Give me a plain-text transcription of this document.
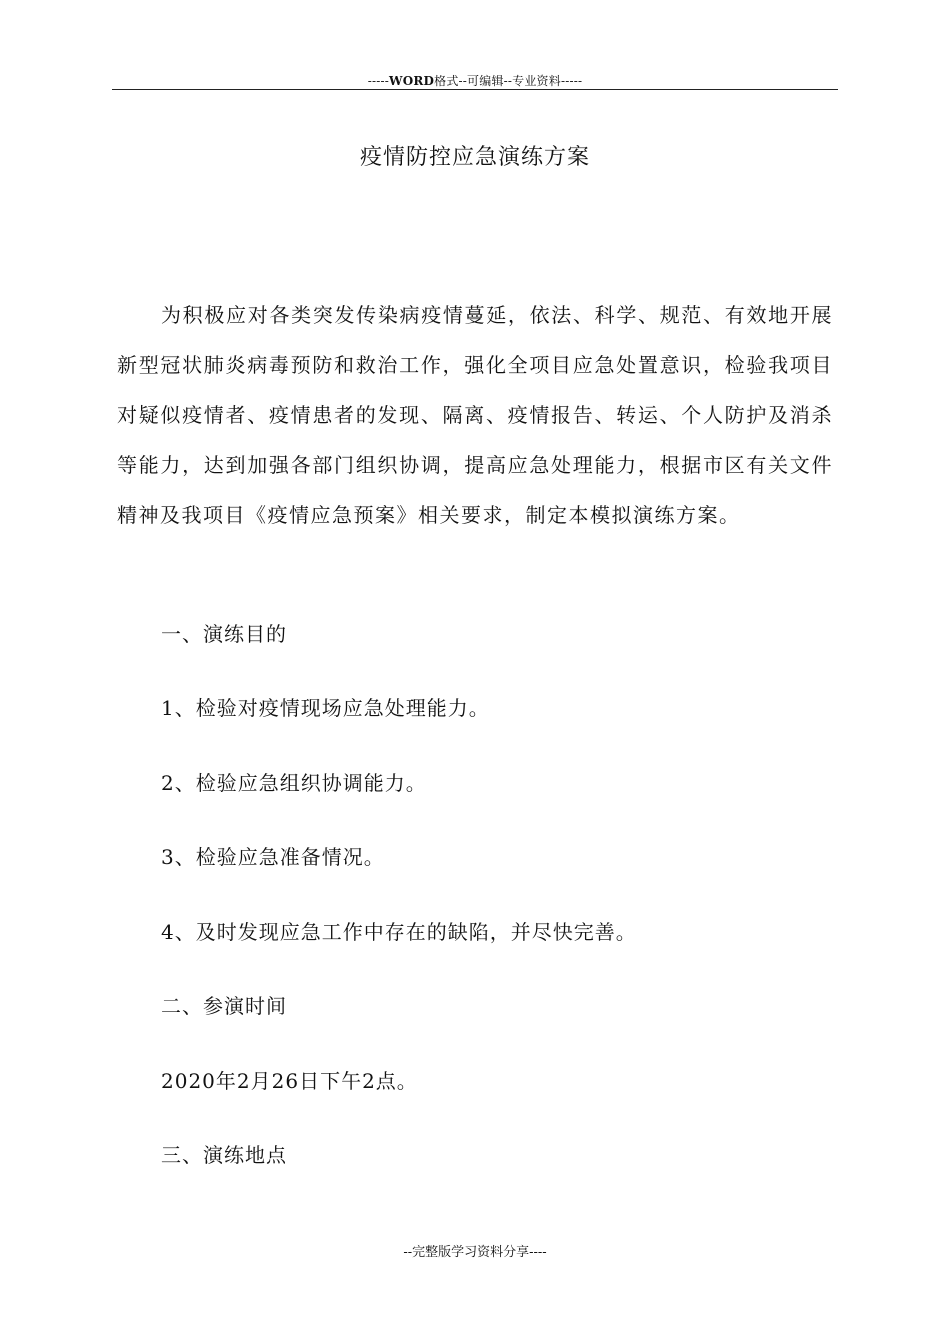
-----WORD格式--可编辑--专业资料-----
疫情防控应急演练方案

为积极应对各类突发传染病疫情蔓延，依法、科学、规范、有效地开展新型冠状肺炎病毒预防和救治工作，强化全项目应急处置意识，检验我项目对疑似疫情者、疫情患者的发现、隔离、疫情报告、转运、个人防护及消杀等能力，达到加强各部门组织协调，提高应急处理能力，根据市区有关文件精神及我项目《疫情应急预案》相关要求，制定本模拟演练方案。

一、演练目的

1、检验对疫情现场应急处理能力。

2、检验应急组织协调能力。

3、检验应急准备情况。

4、及时发现应急工作中存在的缺陷，并尽快完善。

二、参演时间

2020年2月26日下午2点。

三、演练地点

--完整版学习资料分享----
